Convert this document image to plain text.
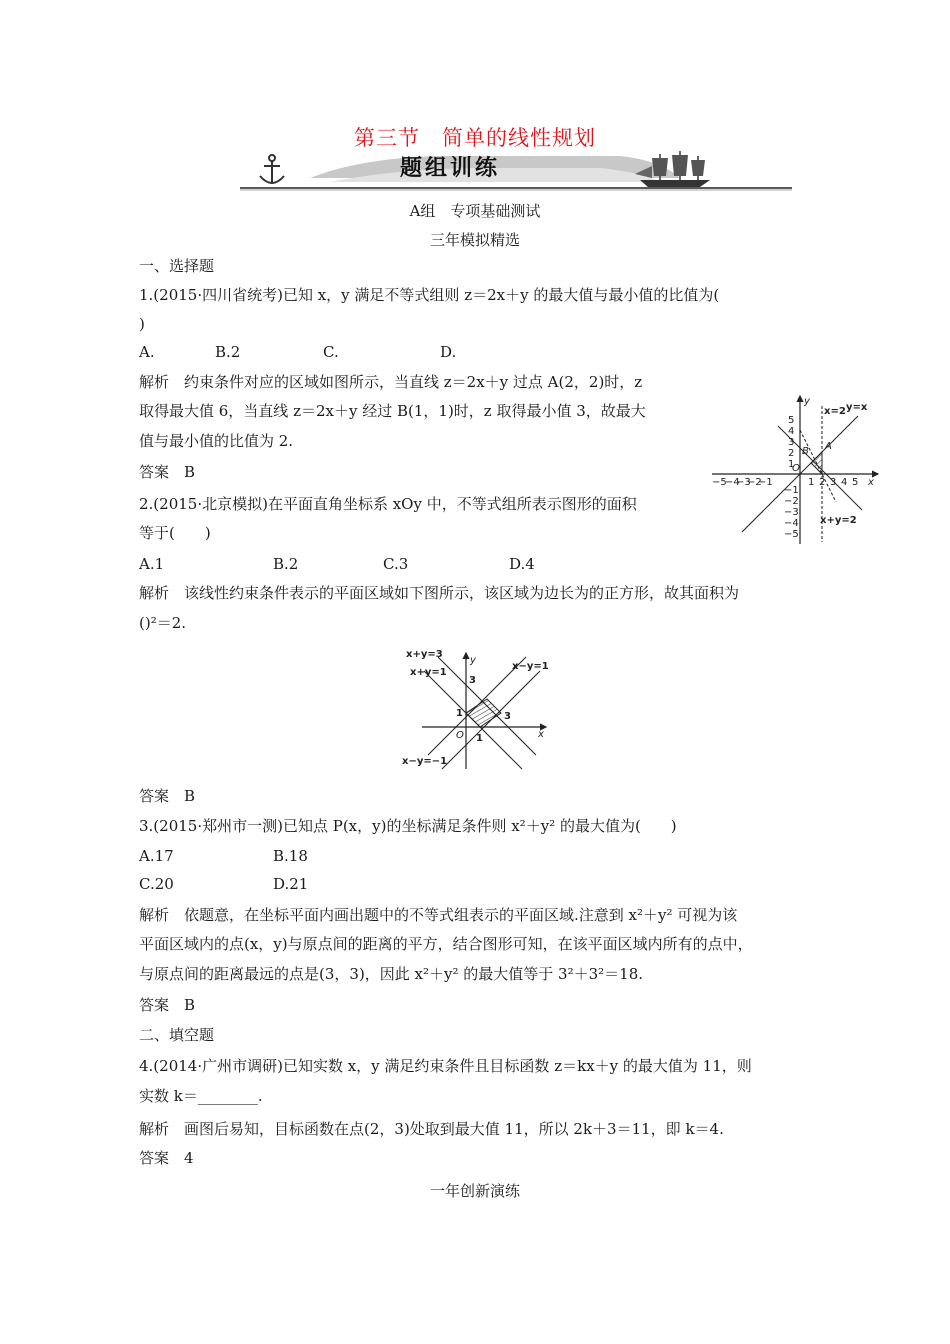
第三节　简单的线性规划
题组训练
A组　专项基础测试
三年模拟精选
一、选择题
1.(2015·四川省统考)已知 x，y 满足不等式组则 z＝2x＋y 的最大值与最小值的比值为(
)
A.	B.2	C.	D.
解析　约束条件对应的区域如图所示，当直线 z＝2x＋y 过点 A(2，2)时，z
取得最大值 6，当直线 z＝2x＋y 经过 B(1，1)时，z 取得最小值 3，故最大
值与最小值的比值为 2.
答案　B
−5
−4
−3
−2
−1	1 2 3 4 5 x
5
4
3
2
1
−1
−2
−3
−4
−5
y
O
A
B
x=2 y=x
x+y=2
2.(2015·北京模拟)在平面直角坐标系 xOy 中，不等式组所表示图形的面积
等于(　　)
A.1	B.2	C.3	D.4
解析　该线性约束条件表示的平面区域如下图所示，该区域为边长为的正方形，故其面积为
()²＝2.
x+y=3
x+y=1
x−y=1
x−y=−1
y
x
O
3
1	3
1
答案　B
3.(2015·郑州市一测)已知点 P(x，y)的坐标满足条件则 x²＋y² 的最大值为(　　)
A.17	B.18
C.20	D.21
解析　依题意，在坐标平面内画出题中的不等式组表示的平面区域.注意到 x²＋y² 可视为该
平面区域内的点(x，y)与原点间的距离的平方，结合图形可知，在该平面区域内所有的点中，
与原点间的距离最远的点是(3，3)，因此 x²＋y² 的最大值等于 3²＋3²＝18.
答案　B
二、填空题
4.(2014·广州市调研)已知实数 x，y 满足约束条件且目标函数 z＝kx＋y 的最大值为 11，则
实数 k＝________.
解析　画图后易知，目标函数在点(2，3)处取到最大值 11，所以 2k＋3＝11，即 k＝4.
答案　4
一年创新演练
